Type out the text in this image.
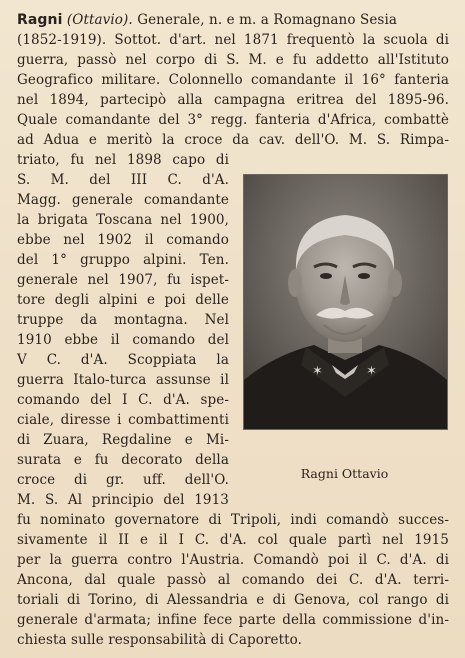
Ragni (Ottavio). Generale, n. e m. a Romagnano Sesia
(1852-1919). Sottot. d'art. nel 1871 frequentò la scuola di
guerra, passò nel corpo di S. M. e fu addetto all'Istituto
Geografico militare. Colonnello comandante il 16° fanteria
nel 1894, partecipò alla campagna eritrea del 1895-96.
Quale comandante del 3° regg. fanteria d'Africa, combattè
ad Adua e meritò la croce da cav. dell'O. M. S. Rimpa-
triato, fu nel 1898 capo di
S. M. del III C. d'A.
Magg. generale comandante
la brigata Toscana nel 1900,
ebbe nel 1902 il comando
del 1° gruppo alpini. Ten.
generale nel 1907, fu ispet-
tore degli alpini e poi delle
truppe da montagna. Nel
1910 ebbe il comando del
V C. d'A. Scoppiata la
guerra Italo-turca assunse il
comando del I C. d'A. spe-
ciale, diresse i combattimenti
di Zuara, Regdaline e Mi-
surata e fu decorato della
croce di gr. uff. dell'O.
M. S. Al principio del 1913
fu nominato governatore di Tripoli, indi comandò succes-
sivamente il II e il I C. d'A. col quale partì nel 1915
per la guerra contro l'Austria. Comandò poi il C. d'A. di
Ancona, dal quale passò al comando dei C. d'A. terri-
toriali di Torino, di Alessandria e di Genova, col rango di
generale d'armata; infine fece parte della commissione d'in-
chiesta sulle responsabilità di Caporetto.
✶	✶
Ragni Ottavio
